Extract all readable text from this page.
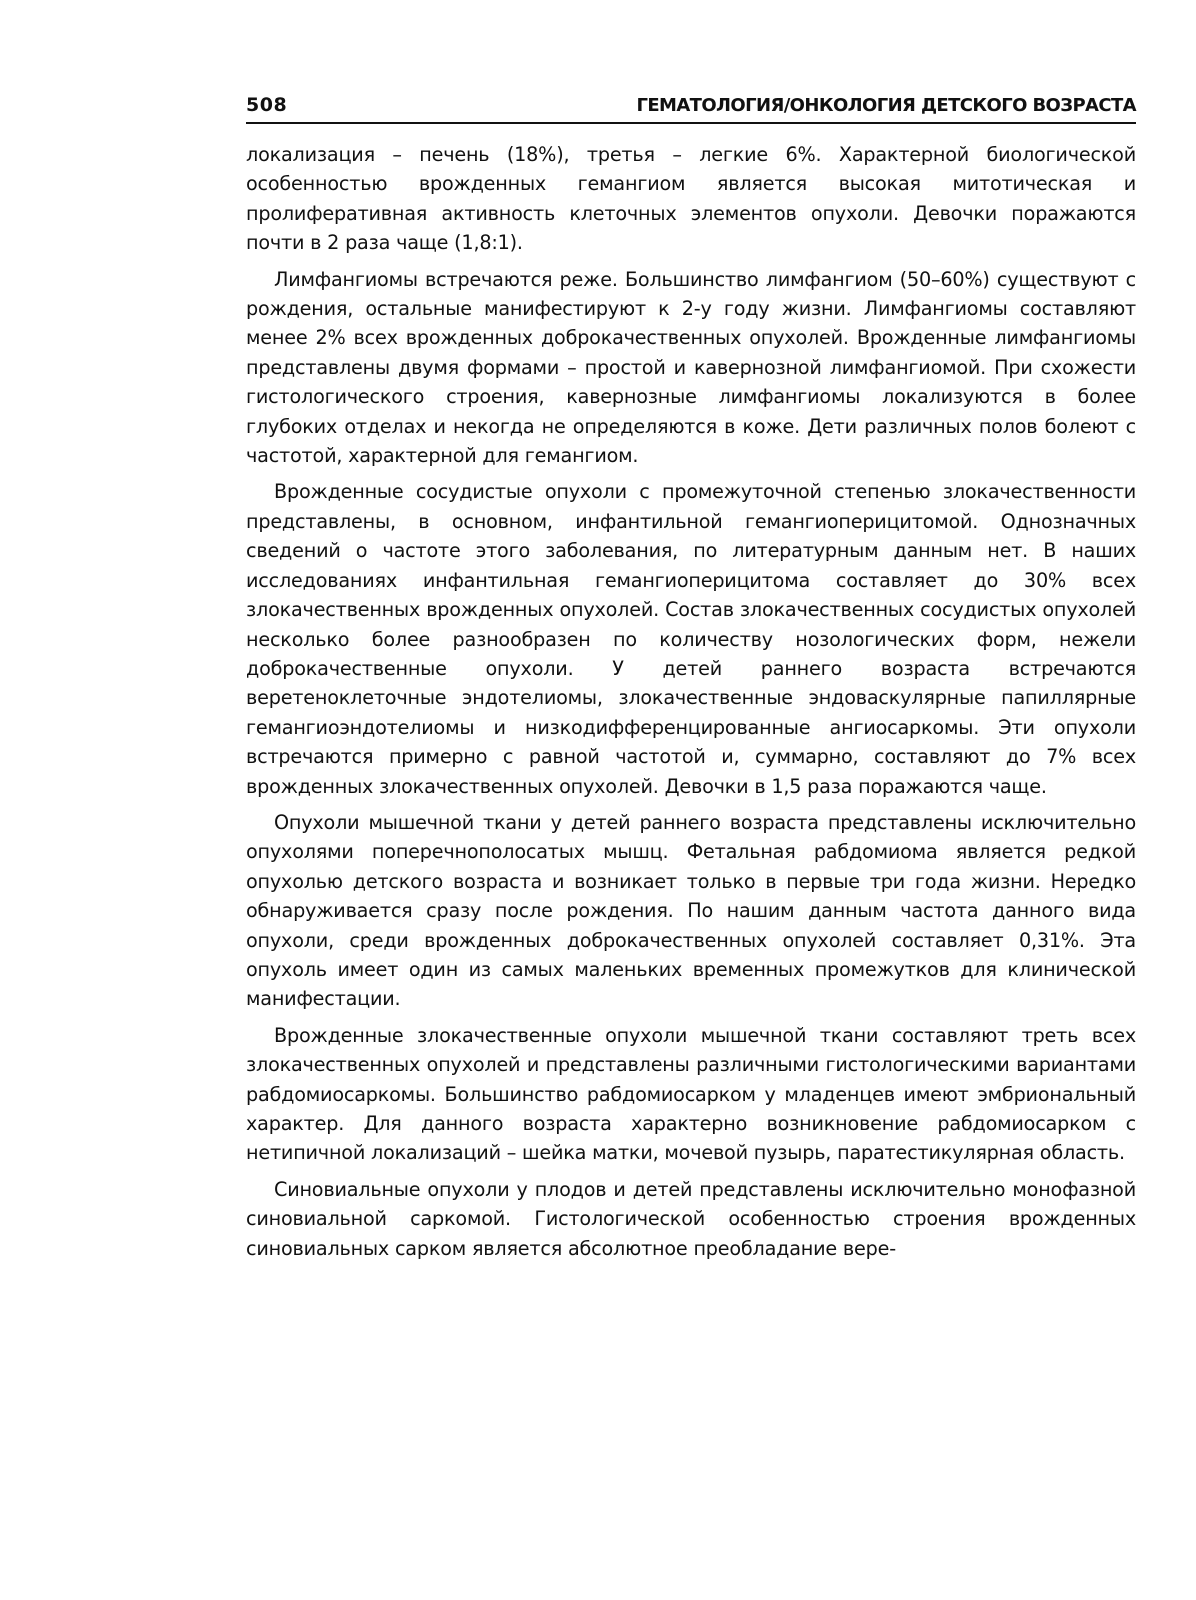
508	ГЕМАТОЛОГИЯ/ОНКОЛОГИЯ ДЕТСКОГО ВОЗРАСТА

локализация – печень (18%), третья – легкие 6%. Характерной биологической особенностью врожденных гемангиом является высокая митотическая и пролиферативная активность клеточных элементов опухоли. Девочки поражаются почти в 2 раза чаще (1,8:1).

Лимфангиомы встречаются реже. Большинство лимфангиом (50–60%) существуют с рождения, остальные манифестируют к 2-у году жизни. Лимфангиомы составляют менее 2% всех врожденных доброкачественных опухолей. Врожденные лимфангиомы представлены двумя формами – простой и кавернозной лимфангиомой. При схожести гистологического строения, кавернозные лимфангиомы локализуются в более глубоких отделах и некогда не определяются в коже. Дети различных полов болеют с частотой, характерной для гемангиом.

Врожденные сосудистые опухоли с промежуточной степенью злокачественности представлены, в основном, инфантильной гемангиоперицитомой. Однозначных сведений о частоте этого заболевания, по литературным данным нет. В наших исследованиях инфантильная гемангиоперицитома составляет до 30% всех злокачественных врожденных опухолей. Состав злокачественных сосудистых опухолей несколько более разнообразен по количеству нозологических форм, нежели доброкачественные опухоли. У детей раннего возраста встречаются веретеноклеточные эндотелиомы, злокачественные эндоваскулярные папиллярные гемангиоэндотелиомы и низкодифференцированные ангиосаркомы. Эти опухоли встречаются примерно с равной частотой и, суммарно, составляют до 7% всех врожденных злокачественных опухолей. Девочки в 1,5 раза поражаются чаще.

Опухоли мышечной ткани у детей раннего возраста представлены исключительно опухолями поперечнополосатых мышц. Фетальная рабдомиома является редкой опухолью детского возраста и возникает только в первые три года жизни. Нередко обнаруживается сразу после рождения. По нашим данным частота данного вида опухоли, среди врожденных доброкачественных опухолей составляет 0,31%. Эта опухоль имеет один из самых маленьких временных промежутков для клинической манифестации.

Врожденные злокачественные опухоли мышечной ткани составляют треть всех злокачественных опухолей и представлены различными гистологическими вариантами рабдомиосаркомы. Большинство рабдомиосарком у младенцев имеют эмбриональный характер. Для данного возраста характерно возникновение рабдомиосарком с нетипичной локализаций – шейка матки, мочевой пузырь, паратестикулярная область.

Синовиальные опухоли у плодов и детей представлены исключительно монофазной синовиальной саркомой. Гистологической особенностью строения врожденных синовиальных сарком является абсолютное преобладание вере-
